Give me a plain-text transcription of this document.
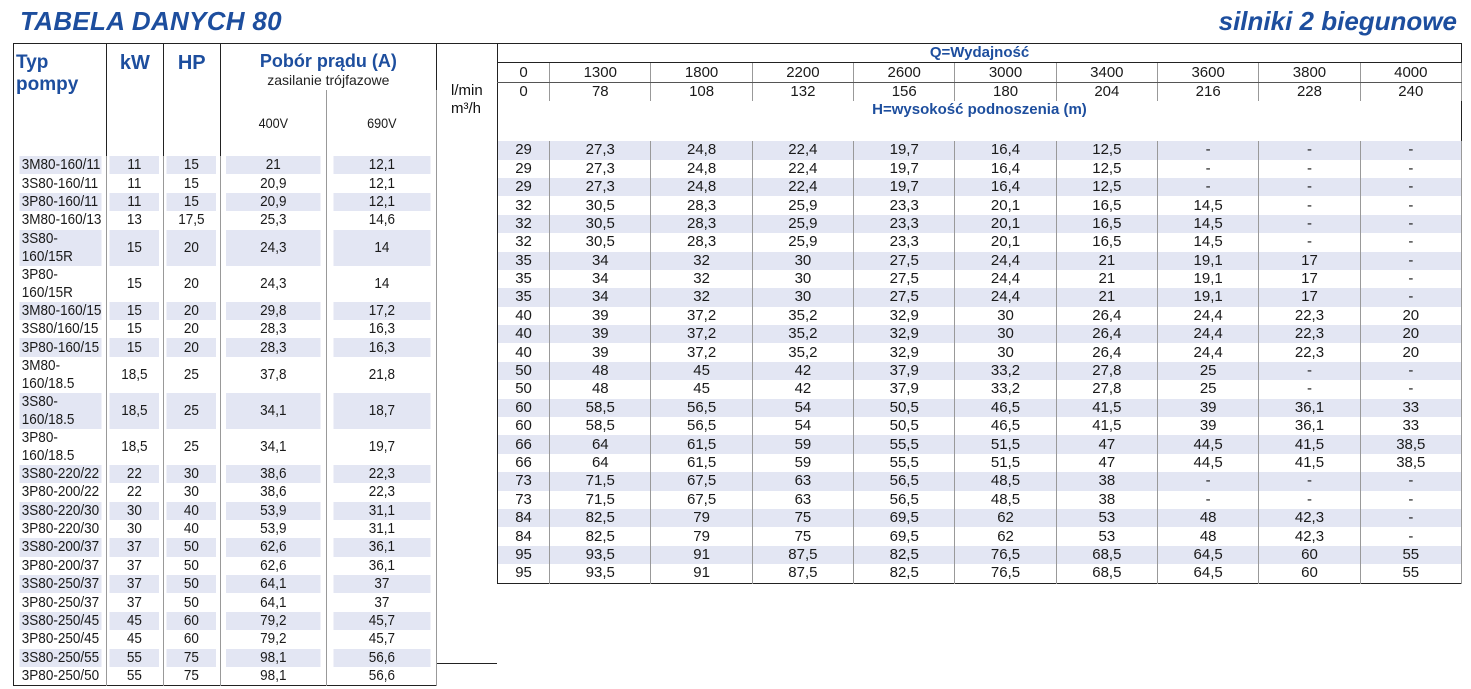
TABELA DANYCH 80	silniki 2 biegunowe
Typ pompy	kW	HP	Pobór prądu (A)
zasilanie trójfazowe	

			400V	690V
3M80-160/11	11	15	21	12,1
3S80-160/11	11	15	20,9	12,1
3P80-160/11	11	15	20,9	12,1
3M80-160/13	13	17,5	25,3	14,6
3S80-160/15R	15	20	24,3	14
3P80-160/15R	15	20	24,3	14
3M80-160/15	15	20	29,8	17,2
3S80/160/15	15	20	28,3	16,3
3P80-160/15	15	20	28,3	16,3
3M80-160/18.5	18,5	25	37,8	21,8
3S80-160/18.5	18,5	25	34,1	18,7
3P80-160/18.5	18,5	25	34,1	19,7
3S80-220/22	22	30	38,6	22,3
3P80-200/22	22	30	38,6	22,3
3S80-220/30	30	40	53,9	31,1
3P80-220/30	30	40	53,9	31,1
3S80-200/37	37	50	62,6	36,1
3P80-200/37	37	50	62,6	36,1
3S80-250/37	37	50	64,1	37
3P80-250/37	37	50	64,1	37
3S80-250/45	45	60	79,2	45,7
3P80-250/45	45	60	79,2	45,7
3S80-250/55	55	75	98,1	56,6
3P80-250/50	55	75	98,1	56,6
l/min
m³/h
Q=Wydajność									
0	1300	1800	2200	2600	3000	3400	3600	3800	4000
0	78	108	132	156	180	204	216	228	240
H=wysokość podnoszenia (m)									

29	27,3	24,8	22,4	19,7	16,4	12,5	-	-	-
29	27,3	24,8	22,4	19,7	16,4	12,5	-	-	-
29	27,3	24,8	22,4	19,7	16,4	12,5	-	-	-
32	30,5	28,3	25,9	23,3	20,1	16,5	14,5	-	-
32	30,5	28,3	25,9	23,3	20,1	16,5	14,5	-	-
32	30,5	28,3	25,9	23,3	20,1	16,5	14,5	-	-
35	34	32	30	27,5	24,4	21	19,1	17	-
35	34	32	30	27,5	24,4	21	19,1	17	-
35	34	32	30	27,5	24,4	21	19,1	17	-
40	39	37,2	35,2	32,9	30	26,4	24,4	22,3	20
40	39	37,2	35,2	32,9	30	26,4	24,4	22,3	20
40	39	37,2	35,2	32,9	30	26,4	24,4	22,3	20
50	48	45	42	37,9	33,2	27,8	25	-	-
50	48	45	42	37,9	33,2	27,8	25	-	-
60	58,5	56,5	54	50,5	46,5	41,5	39	36,1	33
60	58,5	56,5	54	50,5	46,5	41,5	39	36,1	33
66	64	61,5	59	55,5	51,5	47	44,5	41,5	38,5
66	64	61,5	59	55,5	51,5	47	44,5	41,5	38,5
73	71,5	67,5	63	56,5	48,5	38	-	-	-
73	71,5	67,5	63	56,5	48,5	38	-	-	-
84	82,5	79	75	69,5	62	53	48	42,3	-
84	82,5	79	75	69,5	62	53	48	42,3	-
95	93,5	91	87,5	82,5	76,5	68,5	64,5	60	55
95	93,5	91	87,5	82,5	76,5	68,5	64,5	60	55
